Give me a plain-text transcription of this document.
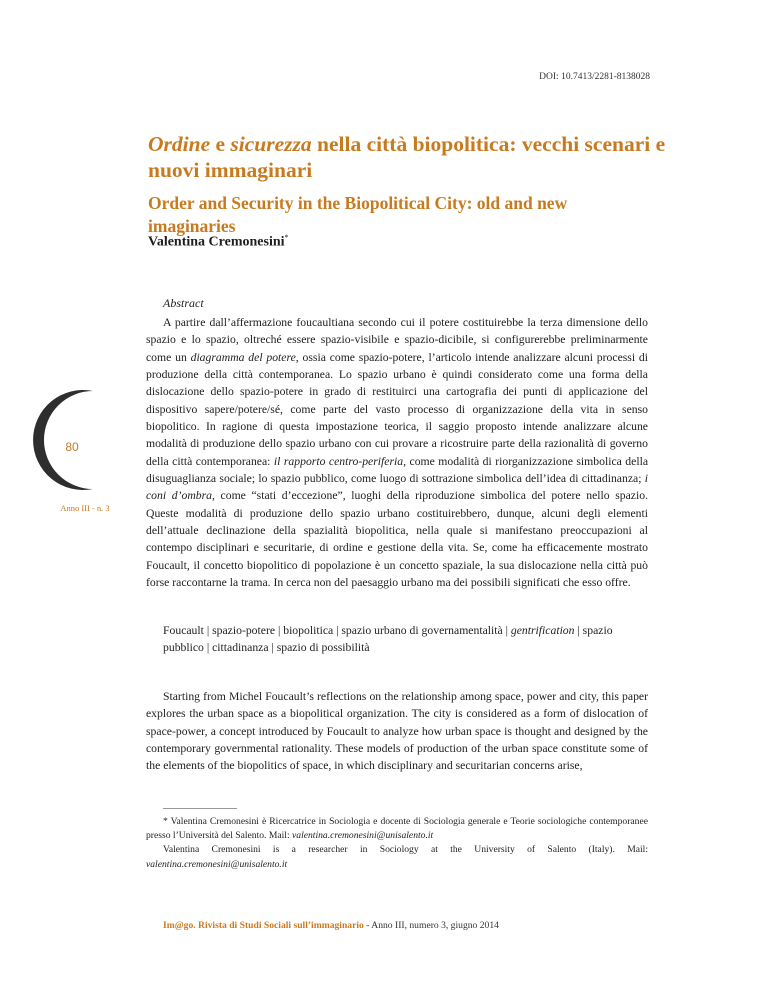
DOI: 10.7413/2281-8138028
Ordine e sicurezza nella città biopolitica: vecchi scenari e nuovi immaginari
Order and Security in the Biopolitical City: old and new imaginaries
Valentina Cremonesini*
Abstract

A partire dall’affermazione foucaultiana secondo cui il potere costituirebbe la terza dimensione dello spazio e lo spazio, oltreché essere spazio-visibile e spazio-dicibile, si configurerebbe preliminarmente come un diagramma del potere, ossia come spazio-potere, l’articolo intende analizzare alcuni processi di produzione della città contemporanea. Lo spazio urbano è quindi considerato come una forma della dislocazione dello spazio-potere in grado di restituirci una cartografia dei punti di applicazione del dispositivo sapere/potere/sé, come parte del vasto processo di organizzazione della vita in senso biopolitico. In ragione di questa impostazione teorica, il saggio proposto intende analizzare alcune modalità di produzione dello spazio urbano con cui provare a ricostruire parte della razionalità di governo della città contemporanea: il rapporto centro-periferia, come modalità di riorganizzazione simbolica della disuguaglianza sociale; lo spazio pubblico, come luogo di sottrazione simbolica dell’idea di cittadinanza; i coni d’ombra, come “stati d’eccezione”, luoghi della riproduzione simbolica del potere nello spazio. Queste modalità di produzione dello spazio urbano costituirebbero, dunque, alcuni degli elementi dell’attuale declinazione della spazialità biopolitica, nella quale si manifestano preoccupazioni al contempo disciplinari e securitarie, di ordine e gestione della vita. Se, come ha efficacemente mostrato Foucault, il concetto biopolitico di popolazione è un concetto spaziale, la sua dislocazione nella città può forse raccontarne la trama. In cerca non del paesaggio urbano ma dei possibili significati che esso offre.

80
Anno III - n. 3

Foucault | spazio-potere | biopolitica | spazio urbano di governamentalità | gentrification | spazio pubblico | cittadinanza | spazio di possibilità

Starting from Michel Foucault’s reflections on the relationship among space, power and city, this paper explores the urban space as a biopolitical organization. The city is considered as a form of dislocation of space-power, a concept introduced by Foucault to analyze how urban space is thought and designed by the contemporary governmental rationality. These models of production of the urban space constitute some of the elements of the biopolitics of space, in which disciplinary and securitarian concerns arise,

* Valentina Cremonesini è Ricercatrice in Sociologia e docente di Sociologia generale e Teorie sociologiche contemporanee presso l’Università del Salento. Mail: valentina.cremonesini@unisalento.it

Valentina Cremonesini is a researcher in Sociology at the University of Salento (Italy). Mail: valentina.cremonesini@unisalento.it

Im@go. Rivista di Studi Sociali sull’immaginario - Anno III, numero 3, giugno 2014
